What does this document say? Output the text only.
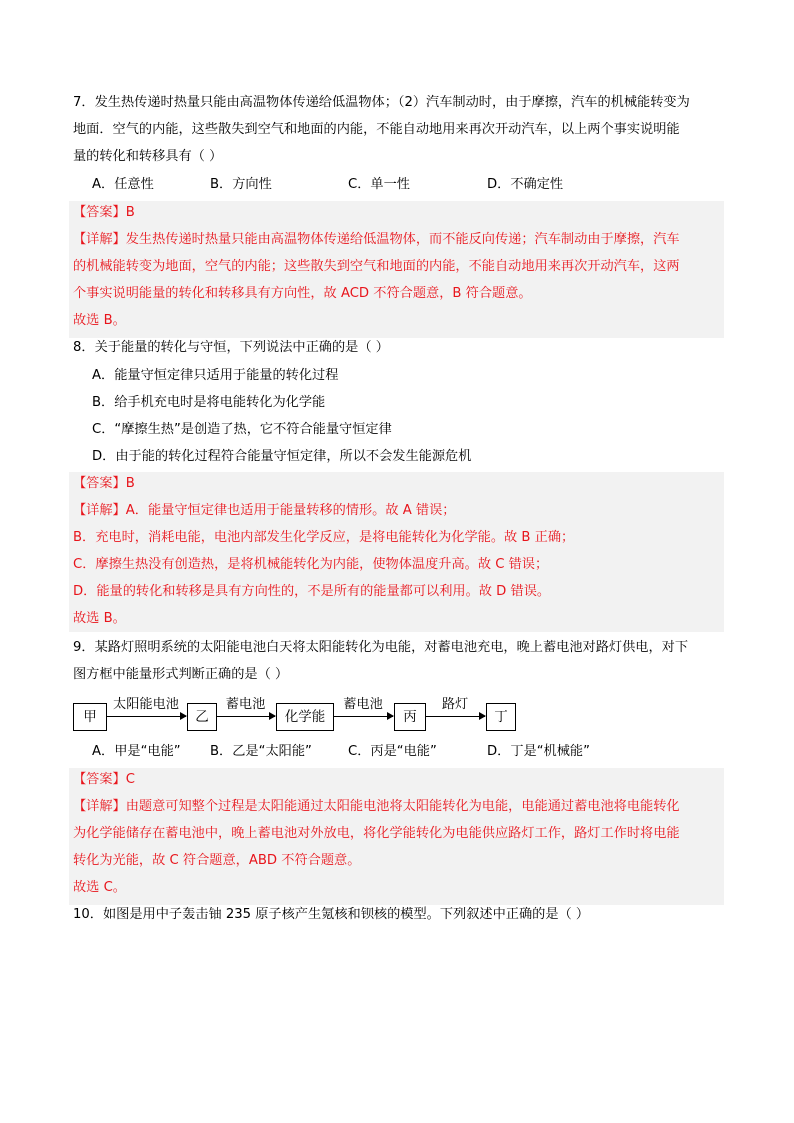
7．发生热传递时热量只能由高温物体传递给低温物体；（2）汽车制动时，由于摩擦，汽车的机械能转变为
地面．空气的内能，这些散失到空气和地面的内能，不能自动地用来再次开动汽车，以上两个事实说明能
量的转化和转移具有（ ）
A．任意性	B．方向性	C．单一性	D．不确定性
【答案】B
【详解】发生热传递时热量只能由高温物体传递给低温物体，而不能反向传递；汽车制动由于摩擦，汽车
的机械能转变为地面，空气的内能；这些散失到空气和地面的内能，不能自动地用来再次开动汽车，这两
个事实说明能量的转化和转移具有方向性，故 ACD 不符合题意，B 符合题意。
故选 B。
8．关于能量的转化与守恒，下列说法中正确的是（ ）
A．能量守恒定律只适用于能量的转化过程
B．给手机充电时是将电能转化为化学能
C．“摩擦生热”是创造了热，它不符合能量守恒定律
D．由于能的转化过程符合能量守恒定律，所以不会发生能源危机
【答案】B
【详解】A．能量守恒定律也适用于能量转移的情形。故 A 错误；
B．充电时，消耗电能，电池内部发生化学反应，是将电能转化为化学能。故 B 正确；
C．摩擦生热没有创造热，是将机械能转化为内能，使物体温度升高。故 C 错误；
D．能量的转化和转移是具有方向性的，不是所有的能量都可以利用。故 D 错误。
故选 B。
9．某路灯照明系统的太阳能电池白天将太阳能转化为电能，对蓄电池充电，晚上蓄电池对路灯供电，对下
图方框中能量形式判断正确的是（ ）
甲
太阳能电池
乙
蓄电池
化学能
蓄电池
丙
路灯
丁
A．甲是“电能” B．乙是“太阳能”	C．丙是“电能”	D．丁是“机械能”
【答案】C
【详解】由题意可知整个过程是太阳能通过太阳能电池将太阳能转化为电能，电能通过蓄电池将电能转化
为化学能储存在蓄电池中，晚上蓄电池对外放电，将化学能转化为电能供应路灯工作，路灯工作时将电能
转化为光能，故 C 符合题意，ABD 不符合题意。
故选 C。
10．如图是用中子轰击铀 235 原子核产生氪核和钡核的模型。下列叙述中正确的是（ ）
